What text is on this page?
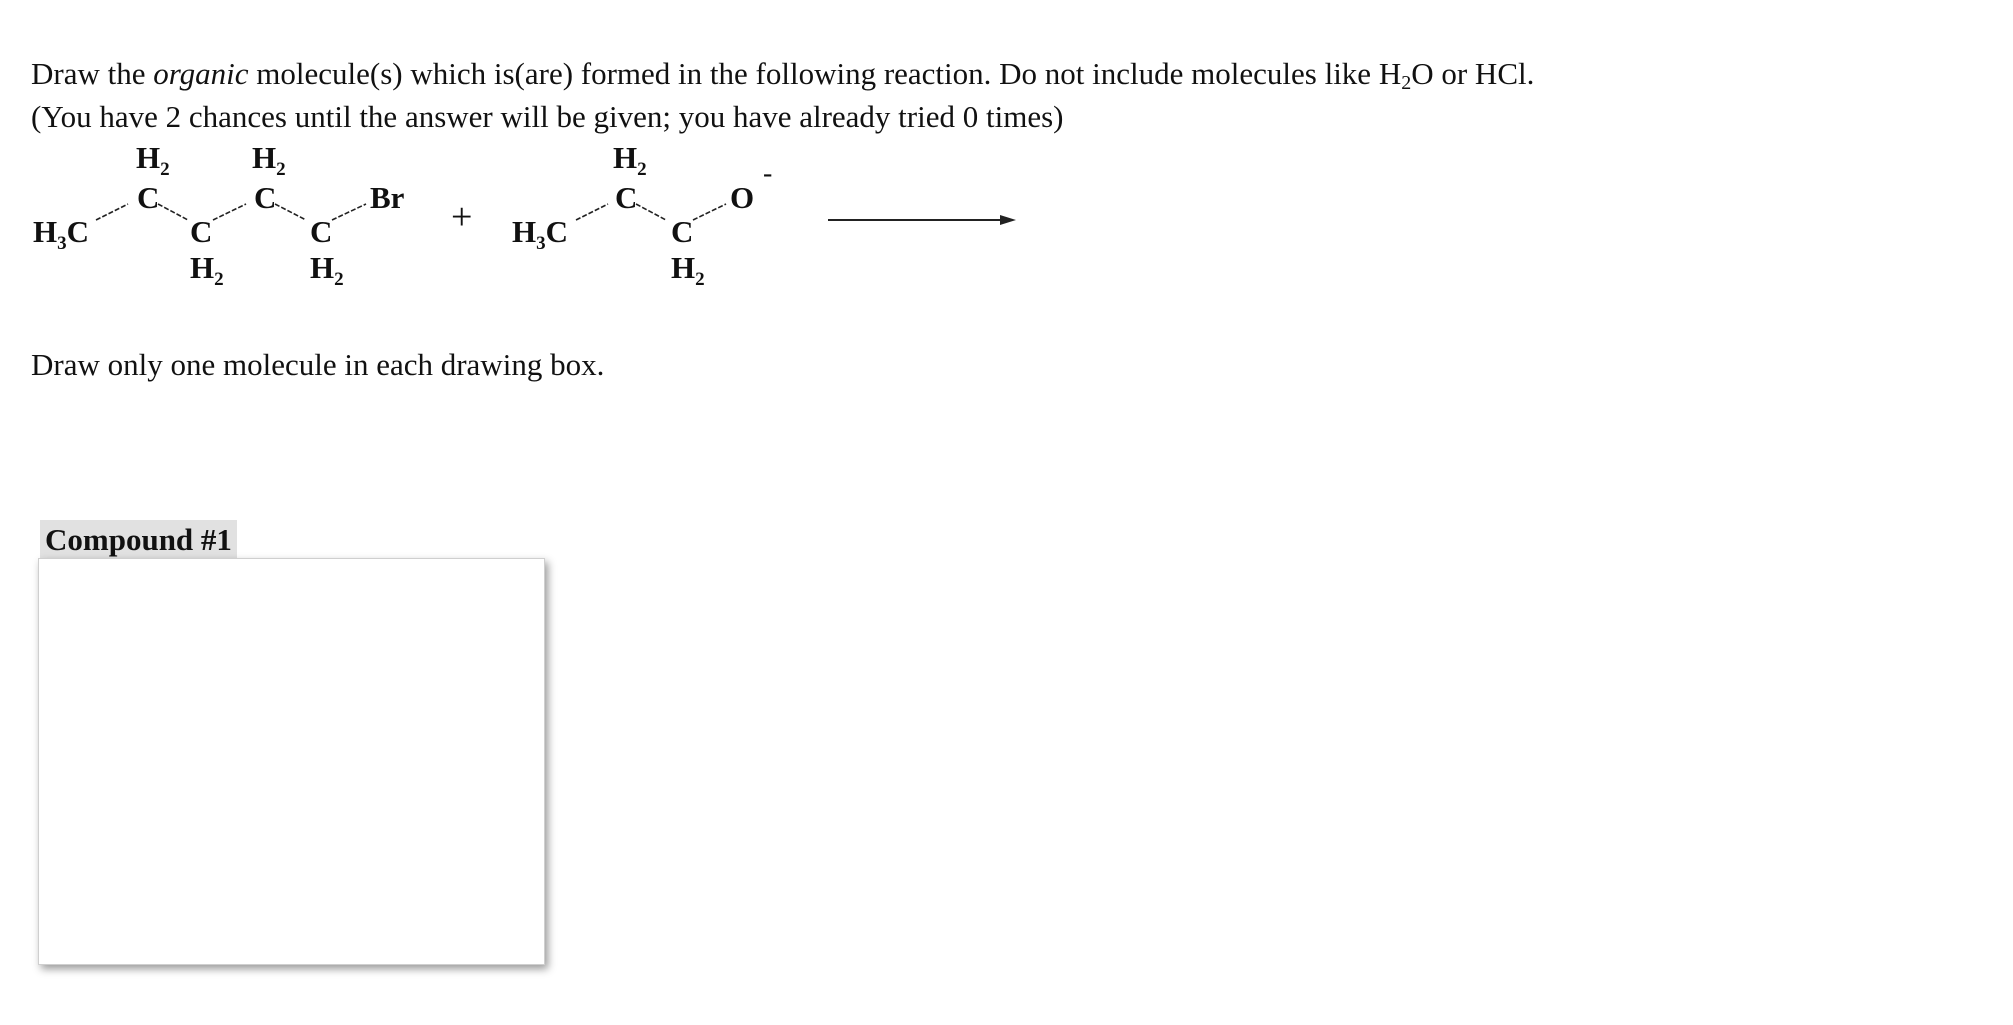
Draw the organic molecule(s) which is(are) formed in the following reaction. Do not include molecules like $H_2O$ or HCl.
(You have 2 chances until the answer will be given; you have already tried 0 times)

$H_3C$
$H_2$
C
C
$H_2$
$H_2$
C
C
$H_2$
$Br + H_3C$
$H_2$
C
C
$H_2$
O
-

Draw only one molecule in each drawing box.

Compound #1
